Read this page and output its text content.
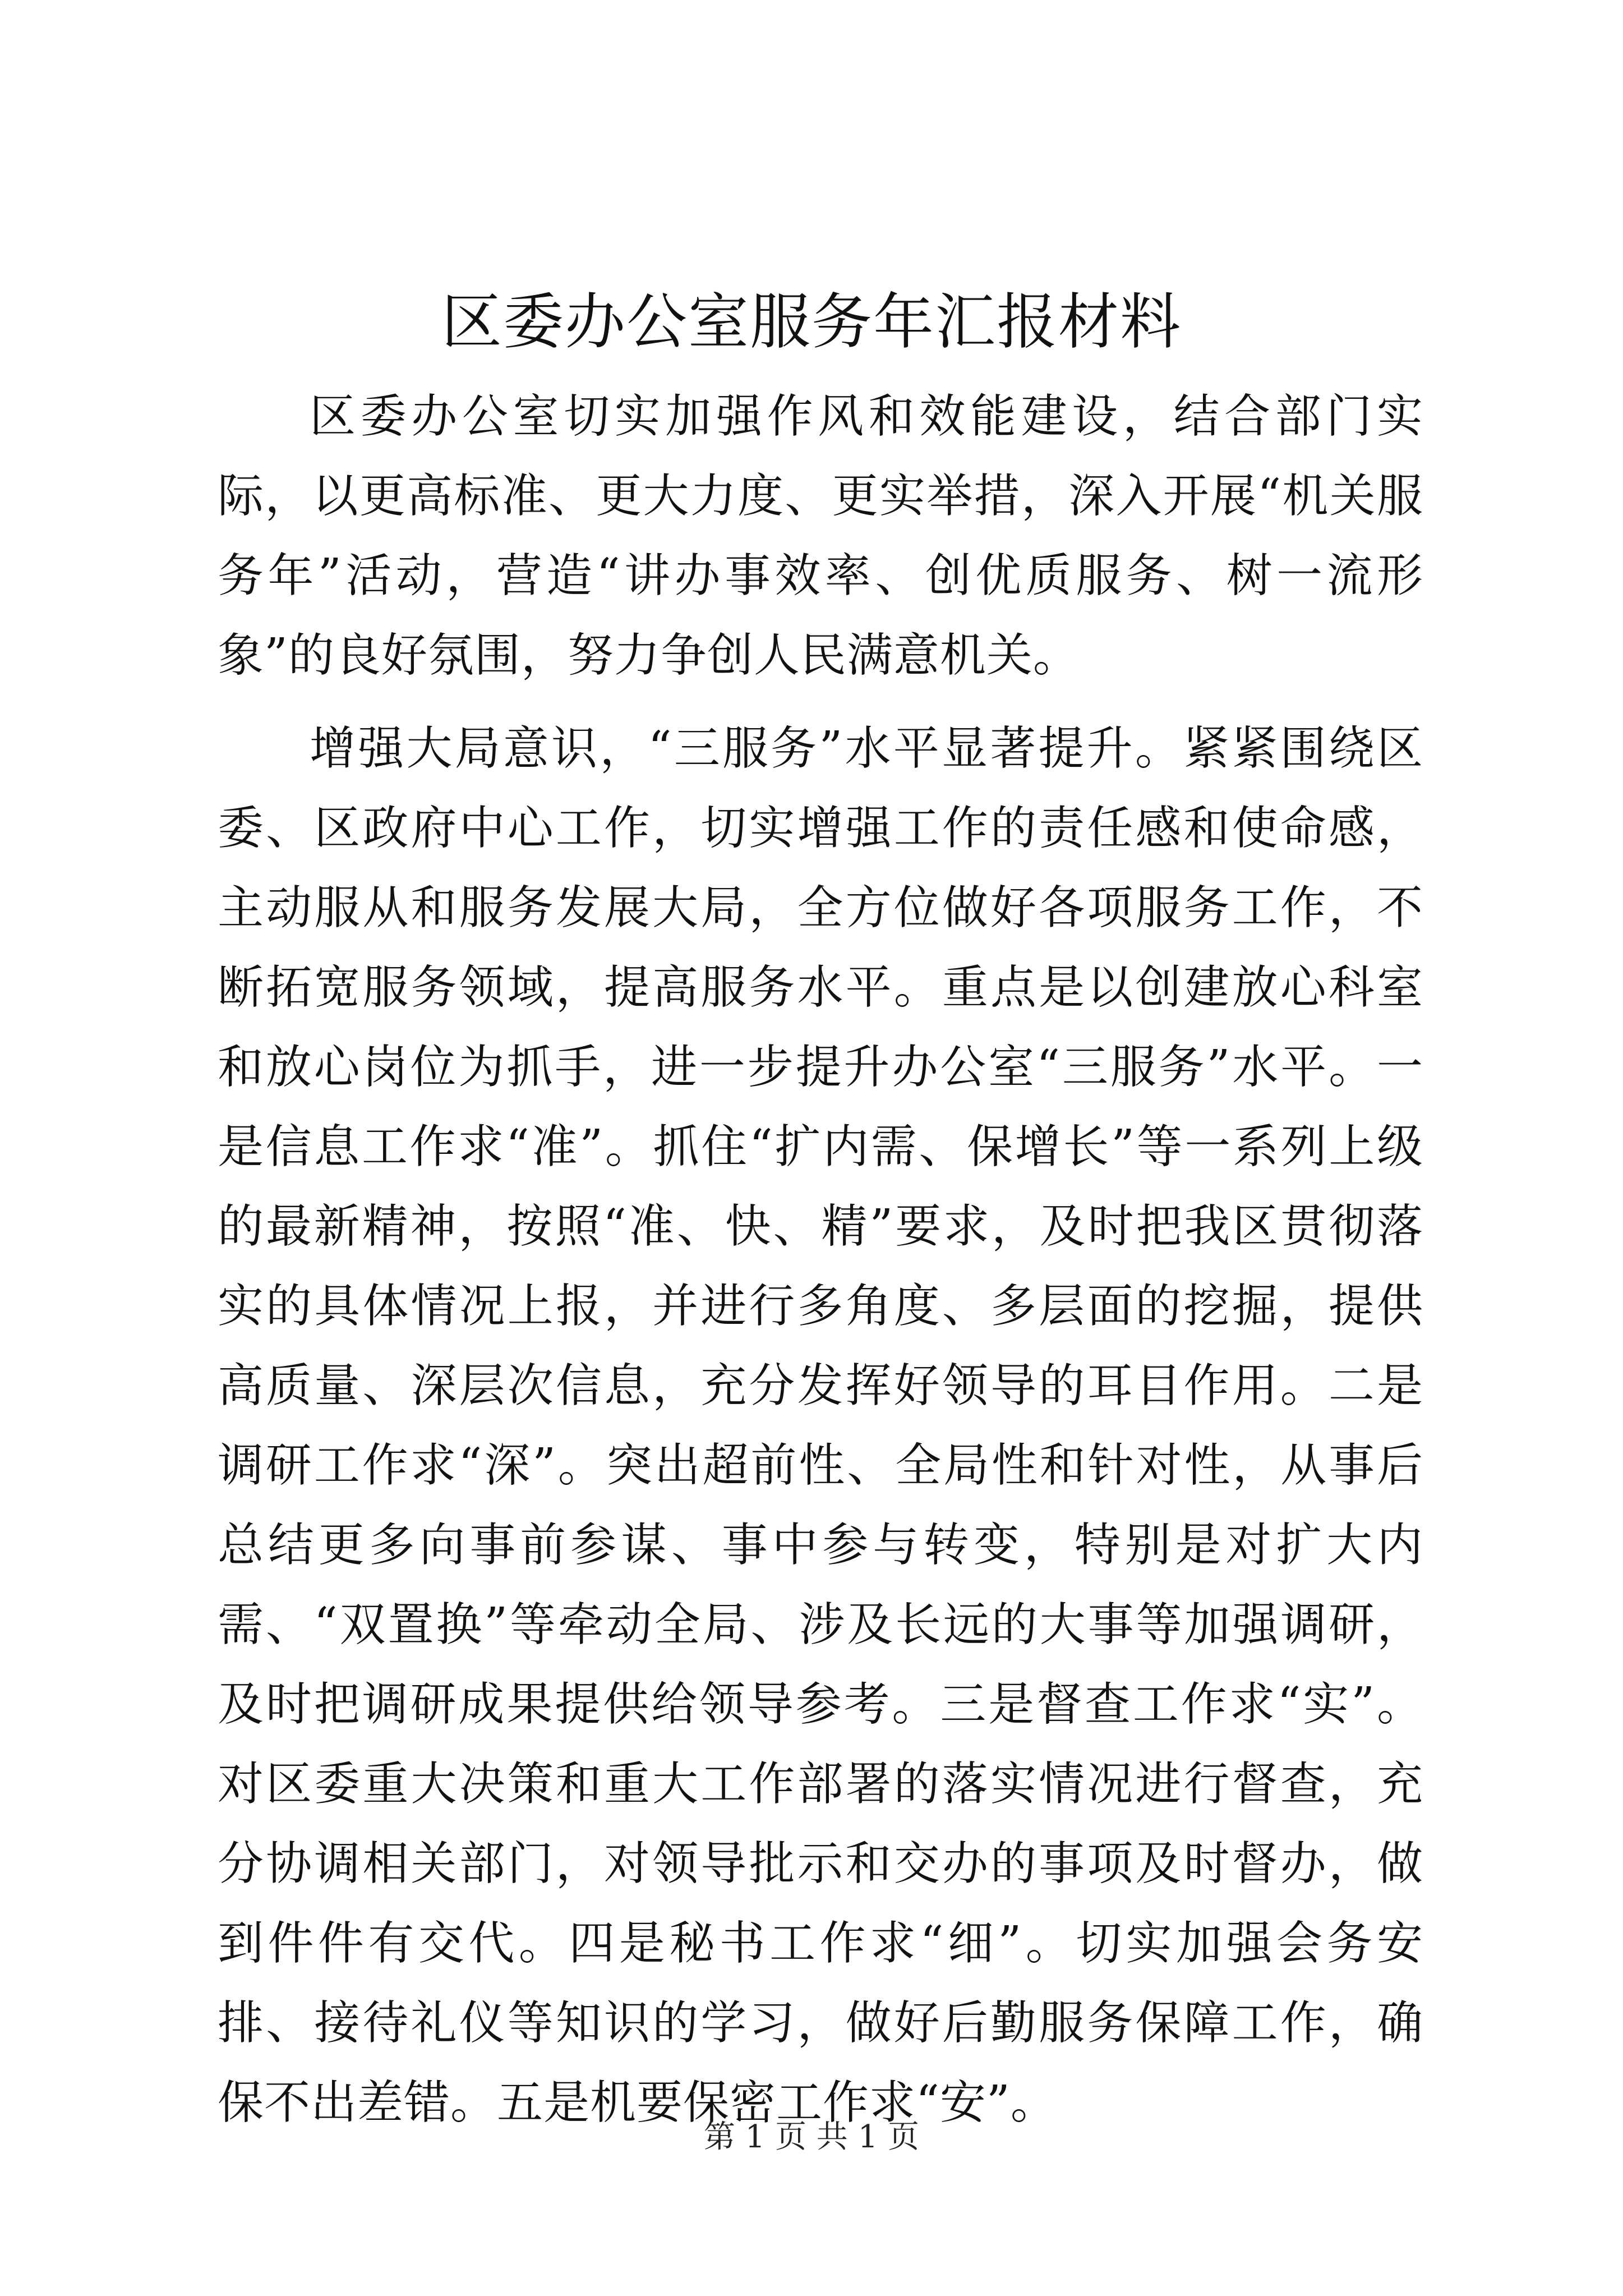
区委办公室服务年汇报材料

区委办公室切实加强作风和效能建设，结合部门实际，以更高标准、更大力度、更实举措，深入开展“机关服务年”活动，营造“讲办事效率、创优质服务、树一流形象”的良好氛围，努力争创人民满意机关。

增强大局意识，“三服务”水平显著提升。紧紧围绕区委、区政府中心工作，切实增强工作的责任感和使命感，主动服从和服务发展大局，全方位做好各项服务工作，不断拓宽服务领域，提高服务水平。重点是以创建放心科室和放心岗位为抓手，进一步提升办公室“三服务”水平。一是信息工作求“准”。抓住“扩内需、保增长”等一系列上级的最新精神，按照“准、快、精”要求，及时把我区贯彻落实的具体情况上报，并进行多角度、多层面的挖掘，提供高质量、深层次信息，充分发挥好领导的耳目作用。二是调研工作求“深”。突出超前性、全局性和针对性，从事后总结更多向事前参谋、事中参与转变，特别是对扩大内需、“双置换”等牵动全局、涉及长远的大事等加强调研，及时把调研成果提供给领导参考。三是督查工作求“实”。对区委重大决策和重大工作部署的落实情况进行督查，充分协调相关部门，对领导批示和交办的事项及时督办，做到件件有交代。四是秘书工作求“细”。切实加强会务安排、接待礼仪等知识的学习，做好后勤服务保障工作，确保不出差错。五是机要保密工作求“安”。

第 1 页 共 1 页
